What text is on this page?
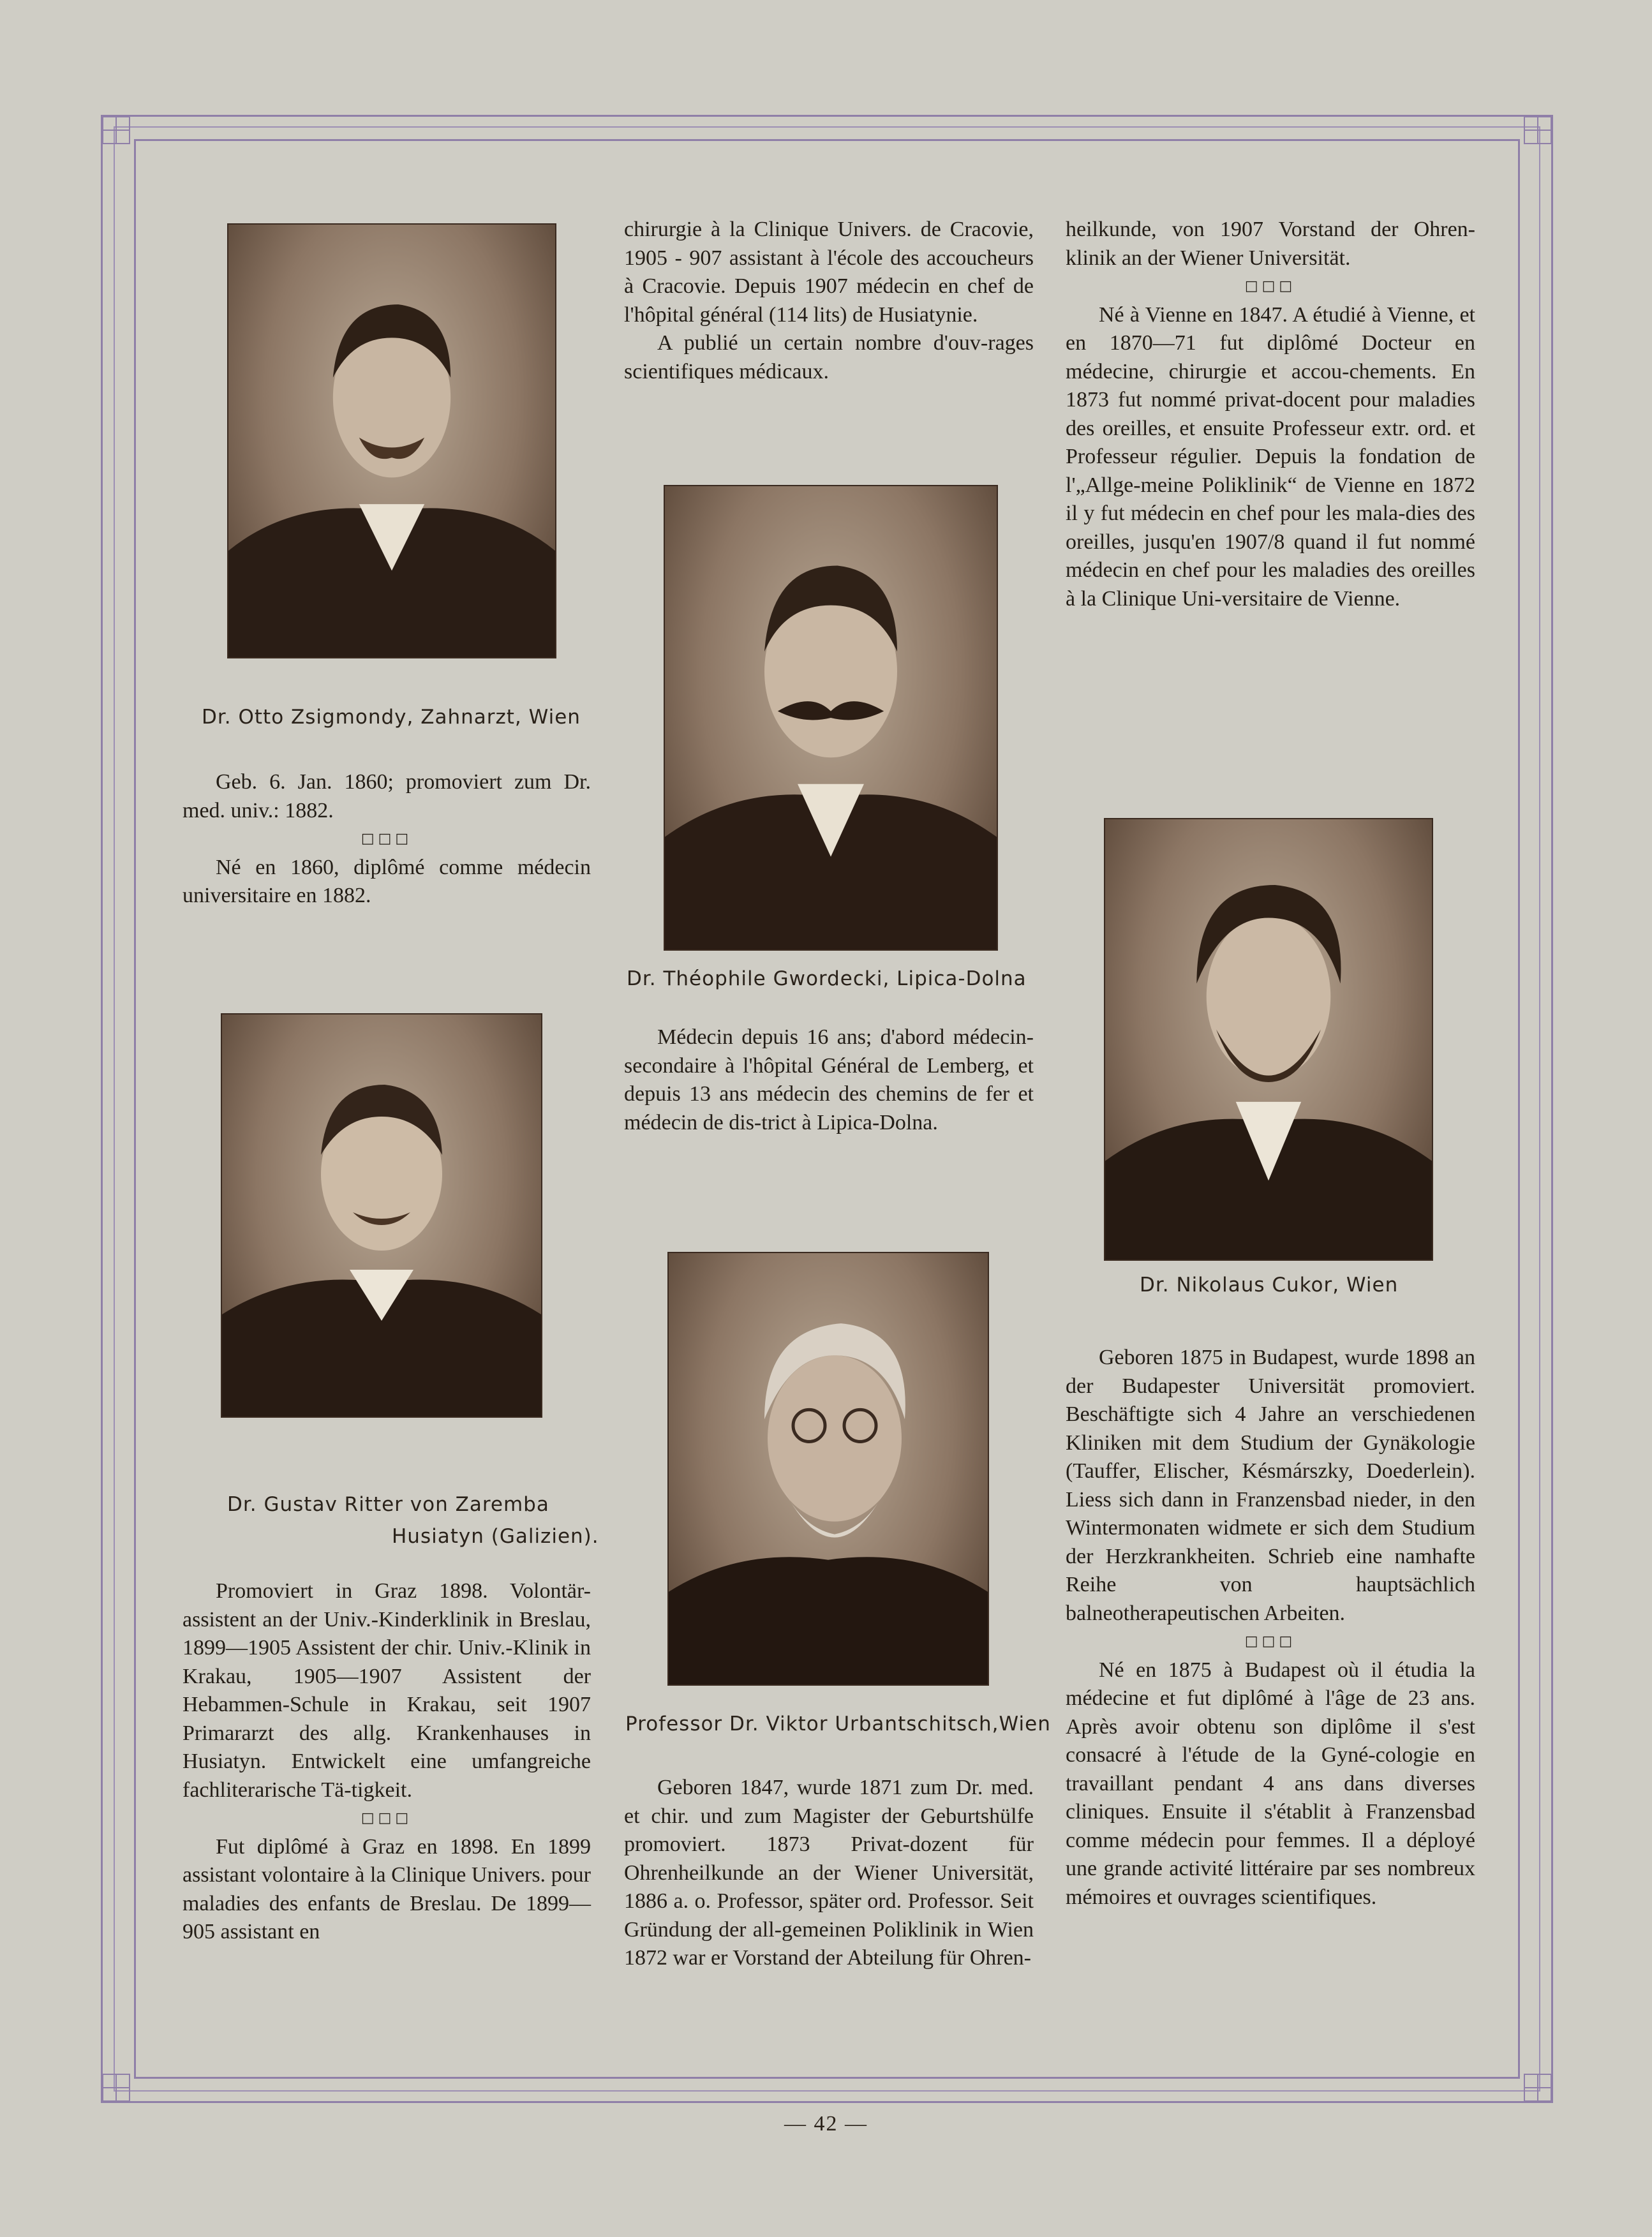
Dr. Otto Zsigmondy, Zahnarzt, Wien
Dr. Gustav Ritter von Zaremba
Husiatyn (Galizien).
Dr. Théophile Gwordecki, Lipica-Dolna
Professor Dr. Viktor Urbantschitsch,Wien
Dr. Nikolaus Cukor, Wien

Geb. 6. Jan. 1860; promoviert zum Dr. med. univ.: 1882.

□□□

Né en 1860, diplômé comme médecin universitaire en 1882.

Promoviert in Graz 1898. Volontär-assistent an der Univ.-Kinderklinik in Breslau, 1899—1905 Assistent der chir. Univ.-Klinik in Krakau, 1905—1907 Assistent der Hebammen-Schule in Krakau, seit 1907 Primararzt des allg. Krankenhauses in Husiatyn. Entwickelt eine umfangreiche fachliterarische Tä-tigkeit.

□□□

Fut diplômé à Graz en 1898. En 1899 assistant volontaire à la Clinique Univers. pour maladies des enfants de Breslau. De 1899—905 assistant en

chirurgie à la Clinique Univers. de Cracovie, 1905 - 907 assistant à l'école des accoucheurs à Cracovie. Depuis 1907 médecin en chef de l'hôpital général (114 lits) de Husiatynie.

A publié un certain nombre d'ouv-rages scientifiques médicaux.

Médecin depuis 16 ans; d'abord médecin-secondaire à l'hôpital Général de Lemberg, et depuis 13 ans médecin des chemins de fer et médecin de dis-trict à Lipica-Dolna.

Geboren 1847, wurde 1871 zum Dr. med. et chir. und zum Magister der Geburtshülfe promoviert. 1873 Privat-dozent für Ohrenheilkunde an der Wiener Universität, 1886 a. o. Professor, später ord. Professor. Seit Gründung der all-gemeinen Poliklinik in Wien 1872 war er Vorstand der Abteilung für Ohren-

heilkunde, von 1907 Vorstand der Ohren-klinik an der Wiener Universität.

□□□

Né à Vienne en 1847. A étudié à Vienne, et en 1870—71 fut diplômé Docteur en médecine, chirurgie et accou-chements. En 1873 fut nommé privat-docent pour maladies des oreilles, et ensuite Professeur extr. ord. et Professeur régulier. Depuis la fondation de l'„Allge-meine Poliklinik“ de Vienne en 1872 il y fut médecin en chef pour les mala-dies des oreilles, jusqu'en 1907/8 quand il fut nommé médecin en chef pour les maladies des oreilles à la Clinique Uni-versitaire de Vienne.

Geboren 1875 in Budapest, wurde 1898 an der Budapester Universität promoviert. Beschäftigte sich 4 Jahre an verschiedenen Kliniken mit dem Studium der Gynäkologie (Tauffer, Elischer, Késmárszky, Doederlein). Liess sich dann in Franzensbad nieder, in den Wintermonaten widmete er sich dem Studium der Herzkrankheiten. Schrieb eine namhafte Reihe von hauptsächlich balneotherapeutischen Arbeiten.

□□□

Né en 1875 à Budapest où il étudia la médecine et fut diplômé à l'âge de 23 ans. Après avoir obtenu son diplôme il s'est consacré à l'étude de la Gyné-cologie en travaillant pendant 4 ans dans diverses cliniques. Ensuite il s'établit à Franzensbad comme médecin pour femmes. Il a déployé une grande activité littéraire par ses nombreux mémoires et ouvrages scientifiques.

— 42 —
